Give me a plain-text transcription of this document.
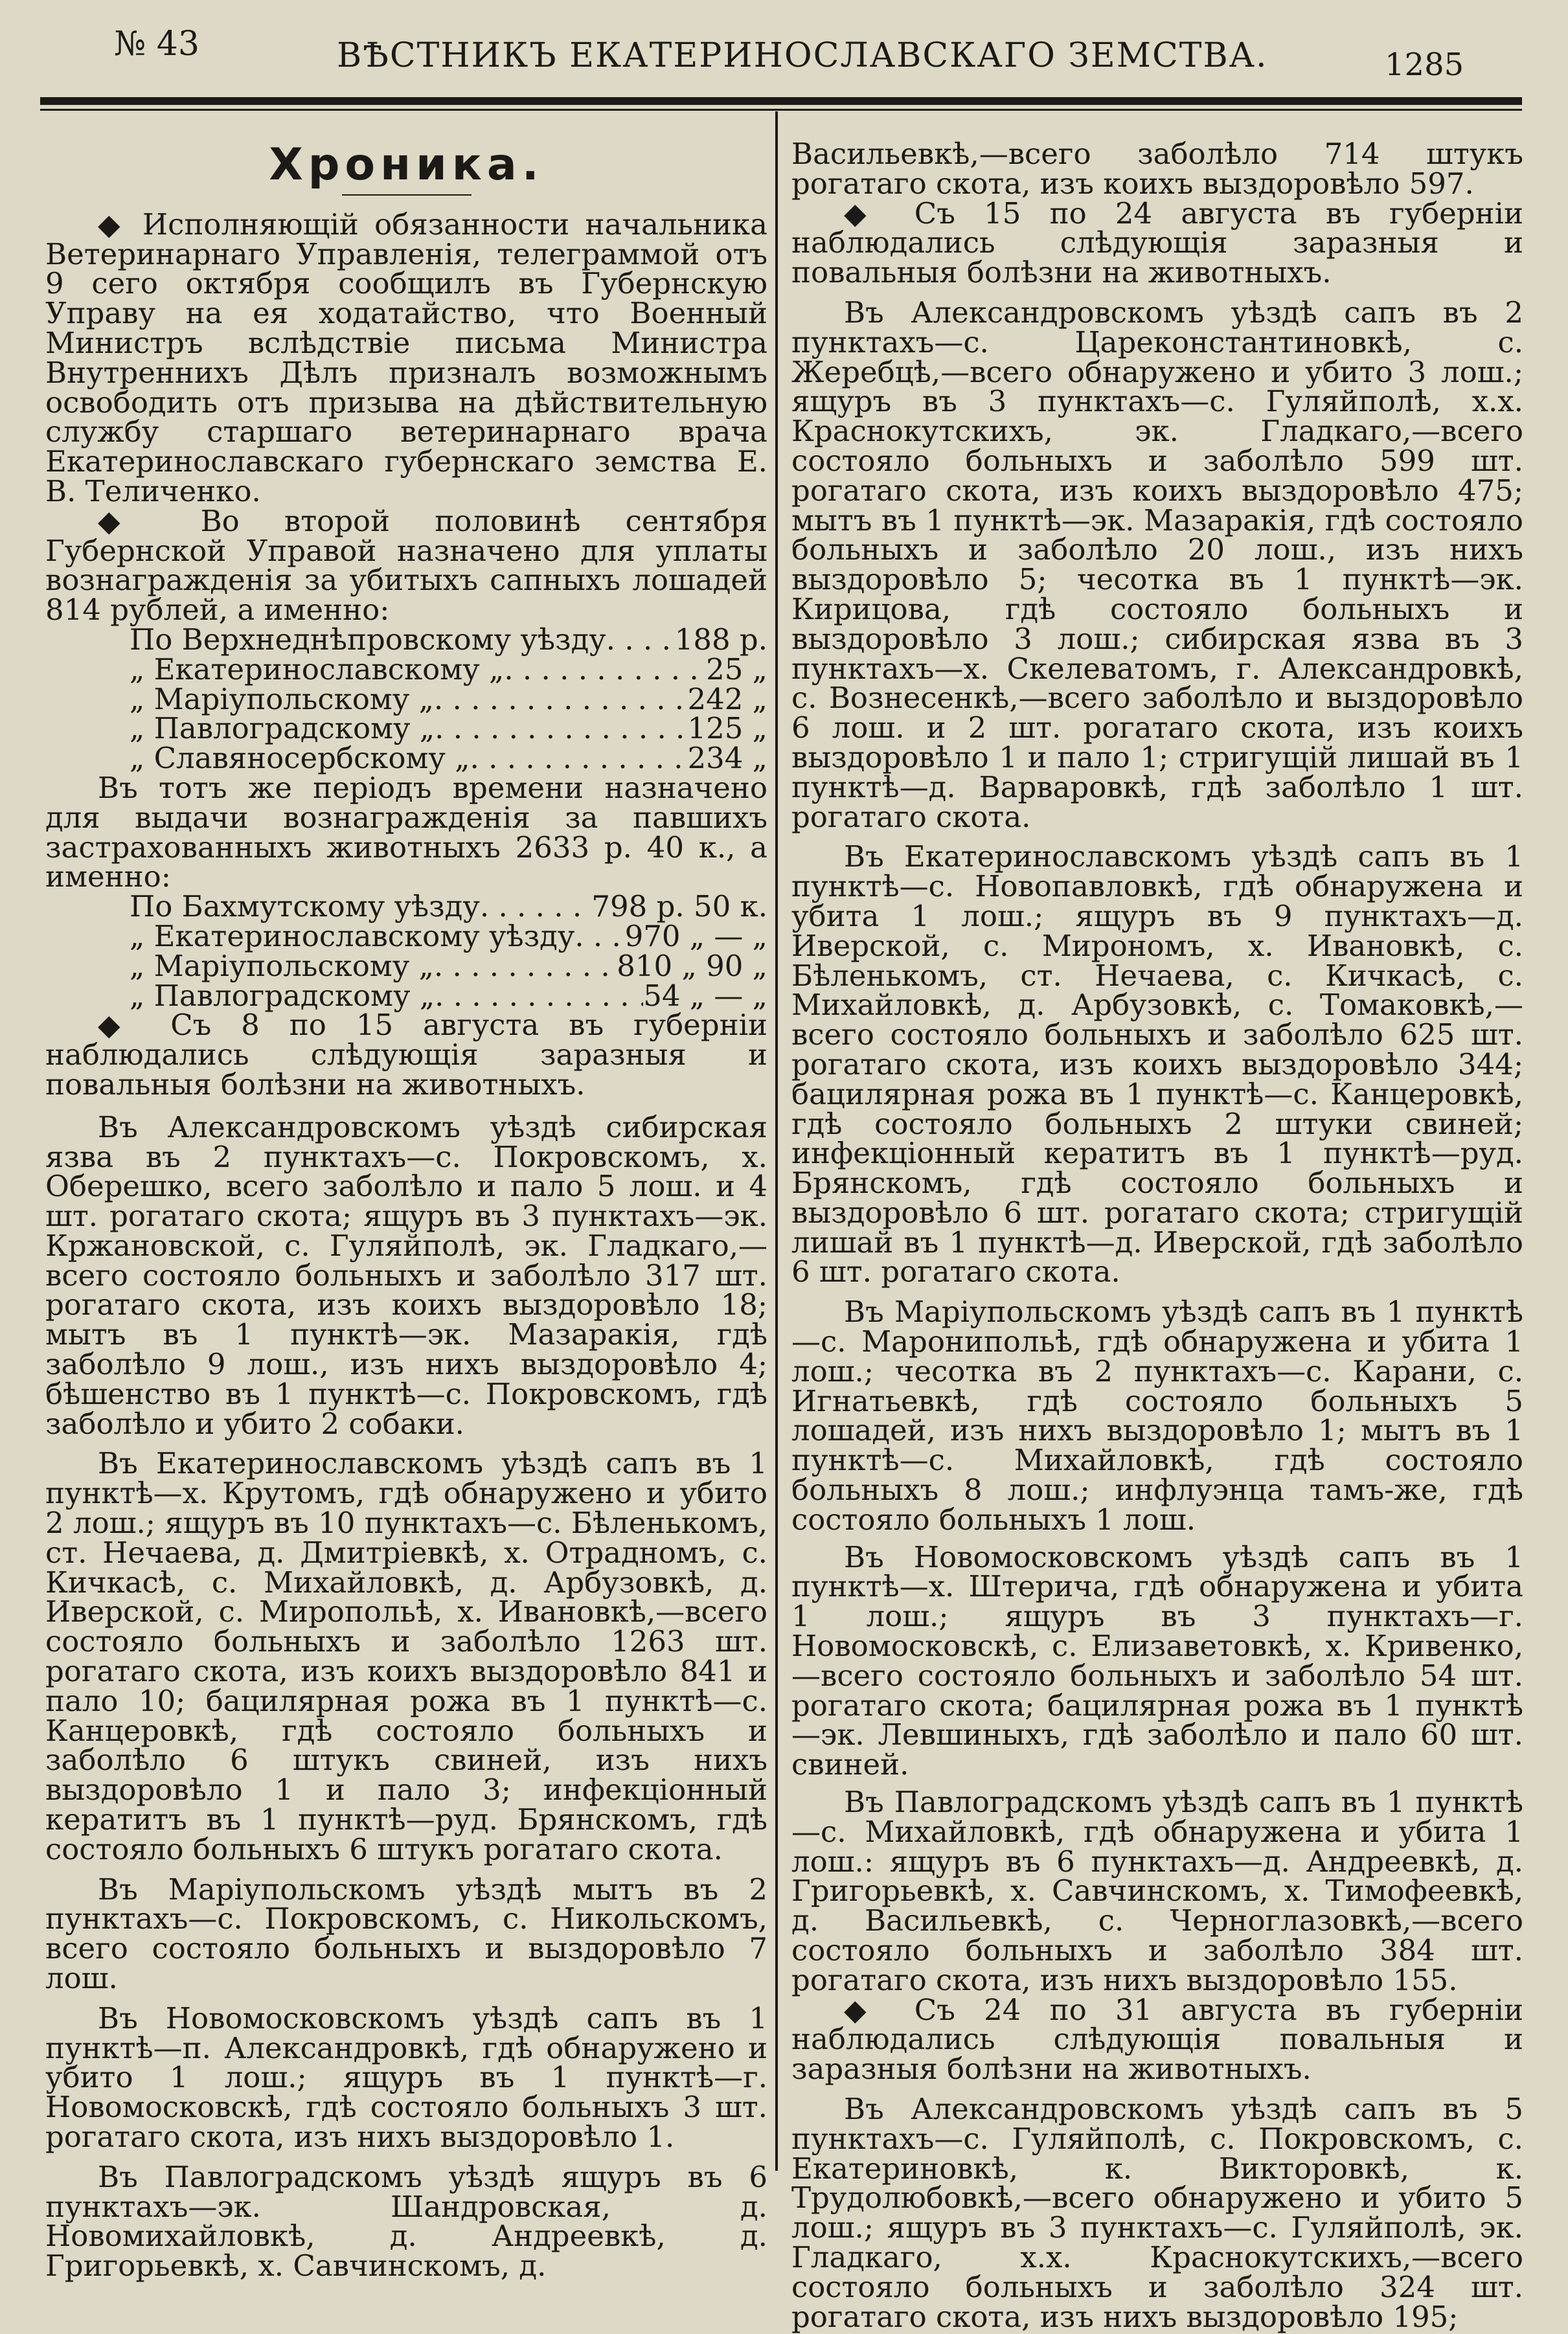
№ 43	ВѢСТНИКЪ ЕКАТЕРИНОСЛАВСКАГО ЗЕМСТВА.	1285
Хроника.

◆ Исполняющій обязанности начальника Ветеринарнаго Управленія, телеграммой отъ 9 сего октября сообщилъ въ Губернскую Управу на ея ходатайство, что Военный Министръ вслѣдствіе письма Министра Внутреннихъ Дѣлъ призналъ возможнымъ освободить отъ призыва на дѣйствительную службу старшаго ветеринарнаго врача Екатеринославскаго губернскаго земства Е. В. Теличенко.

◆ Во второй половинѣ сентября Губернской Управой назначено для уплаты вознагражденія за убитыхъ сапныхъ лошадей 814 рублей, а именно:

По Верхнеднѣпровскому уѣзду . . . 188 р.
„ Екатеринославскому „ . . .	25 „
„ Маріупольскому „ . . .	242 „
„ Павлоградскому „ . . .	125 „
„ Славяносербскому „ . . .	234 „

Въ тотъ же періодъ времени назначено для выдачи вознагражденія за павшихъ застрахованныхъ животныхъ 2633 р. 40 к., а именно:

По Бахмутскому уѣзду . . .	798 р. 50 к.
„ Екатеринославскому уѣзду . . . 970 „ — „
„ Маріупольскому „ . . .	810 „ 90 „
„ Павлоградскому „ . . .	54 „ — „

◆ Съ 8 по 15 августа въ губерніи наблюдались слѣдующія заразныя и повальныя болѣзни на животныхъ.

Въ Александровскомъ уѣздѣ сибирская язва въ 2 пунктахъ—с. Покровскомъ, х. Оберешко, всего заболѣло и пало 5 лош. и 4 шт. рогатаго скота; ящуръ въ 3 пунктахъ—эк. Кржановской, с. Гуляйполѣ, эк. Гладкаго,—всего состояло больныхъ и заболѣло 317 шт. рогатаго скота, изъ коихъ выздоровѣло 18; мытъ въ 1 пунктѣ—эк. Мазаракія, гдѣ заболѣло 9 лош., изъ нихъ выздоровѣло 4; бѣшенство въ 1 пунктѣ—с. Покровскомъ, гдѣ заболѣло и убито 2 собаки.

Въ Екатеринославскомъ уѣздѣ сапъ въ 1 пунктѣ—х. Крутомъ, гдѣ обнаружено и убито 2 лош.; ящуръ въ 10 пунктахъ—с. Бѣленькомъ, ст. Нечаева, д. Дмитріевкѣ, х. Отрадномъ, с. Кичкасѣ, с. Михайловкѣ, д. Арбузовкѣ, д. Иверской, с. Миропольѣ, х. Ивановкѣ,—всего состояло больныхъ и заболѣло 1263 шт. рогатаго скота, изъ коихъ выздоровѣло 841 и пало 10; бацилярная рожа въ 1 пунктѣ—с. Канцеровкѣ, гдѣ состояло больныхъ и заболѣло 6 штукъ свиней, изъ нихъ выздоровѣло 1 и пало 3; инфекціонный кератитъ въ 1 пунктѣ—руд. Брянскомъ, гдѣ состояло больныхъ 6 штукъ рогатаго скота.

Въ Маріупольскомъ уѣздѣ мытъ въ 2 пунктахъ—с. Покровскомъ, с. Никольскомъ, всего состояло больныхъ и выздоровѣло 7 лош.

Въ Новомосковскомъ уѣздѣ сапъ въ 1 пунктѣ—п. Александровкѣ, гдѣ обнаружено и убито 1 лош.; ящуръ въ 1 пунктѣ—г. Новомосковскѣ, гдѣ состояло больныхъ 3 шт. рогатаго скота, изъ нихъ выздоровѣло 1.

Въ Павлоградскомъ уѣздѣ ящуръ въ 6 пунктахъ—эк. Шандровская, д. Новомихайловкѣ, д. Андреевкѣ, д. Григорьевкѣ, х. Савчинскомъ, д.

Васильевкѣ,—всего заболѣло 714 штукъ рогатаго скота, изъ коихъ выздоровѣло 597.

◆ Съ 15 по 24 августа въ губерніи наблюдались слѣдующія заразныя и повальныя болѣзни на животныхъ.

Въ Александровскомъ уѣздѣ сапъ въ 2 пунктахъ—с. Цареконстантиновкѣ, с. Жеребцѣ,—всего обнаружено и убито 3 лош.; ящуръ въ 3 пунктахъ—с. Гуляйполѣ, х.х. Краснокутскихъ, эк. Гладкаго,—всего состояло больныхъ и заболѣло 599 шт. рогатаго скота, изъ коихъ выздоровѣло 475; мытъ въ 1 пунктѣ—эк. Мазаракія, гдѣ состояло больныхъ и заболѣло 20 лош., изъ нихъ выздоровѣло 5; чесотка въ 1 пунктѣ—эк. Кирицова, гдѣ состояло больныхъ и выздоровѣло 3 лош.; сибирская язва въ 3 пунктахъ—х. Скелеватомъ, г. Александровкѣ, с. Вознесенкѣ,—всего заболѣло и выздоровѣло 6 лош. и 2 шт. рогатаго скота, изъ коихъ выздоровѣло 1 и пало 1; стригущій лишай въ 1 пунктѣ—д. Варваровкѣ, гдѣ заболѣло 1 шт. рогатаго скота.

Въ Екатеринославскомъ уѣздѣ сапъ въ 1 пунктѣ—с. Новопавловкѣ, гдѣ обнаружена и убита 1 лош.; ящуръ въ 9 пунктахъ—д. Иверской, с. Мирономъ, х. Ивановкѣ, с. Бѣленькомъ, ст. Нечаева, с. Кичкасѣ, с. Михайловкѣ, д. Арбузовкѣ, с. Томаковкѣ,—всего состояло больныхъ и заболѣло 625 шт. рогатаго скота, изъ коихъ выздоровѣло 344; бацилярная рожа въ 1 пунктѣ—с. Канцеровкѣ, гдѣ состояло больныхъ 2 штуки свиней; инфекціонный кератитъ въ 1 пунктѣ—руд. Брянскомъ, гдѣ состояло больныхъ и выздоровѣло 6 шт. рогатаго скота; стригущій лишай въ 1 пунктѣ—д. Иверской, гдѣ заболѣло 6 шт. рогатаго скота.

Въ Маріупольскомъ уѣздѣ сапъ въ 1 пунктѣ—с. Маронипольѣ, гдѣ обнаружена и убита 1 лош.; чесотка въ 2 пунктахъ—с. Карани, с. Игнатьевкѣ, гдѣ состояло больныхъ 5 лошадей, изъ нихъ выздоровѣло 1; мытъ въ 1 пунктѣ—с. Михайловкѣ, гдѣ состояло больныхъ 8 лош.; инфлуэнца тамъ-же, гдѣ состояло больныхъ 1 лош.

Въ Новомосковскомъ уѣздѣ сапъ въ 1 пунктѣ—х. Штерича, гдѣ обнаружена и убита 1 лош.; ящуръ въ 3 пунктахъ—г. Новомосковскѣ, с. Елизаветовкѣ, х. Кривенко,—всего состояло больныхъ и заболѣло 54 шт. рогатаго скота; бацилярная рожа въ 1 пунктѣ—эк. Левшиныхъ, гдѣ заболѣло и пало 60 шт. свиней.

Въ Павлоградскомъ уѣздѣ сапъ въ 1 пунктѣ—с. Михайловкѣ, гдѣ обнаружена и убита 1 лош.: ящуръ въ 6 пунктахъ—д. Андреевкѣ, д. Григорьевкѣ, х. Савчинскомъ, х. Тимофеевкѣ, д. Васильевкѣ, с. Черноглазовкѣ,—всего состояло больныхъ и заболѣло 384 шт. рогатаго скота, изъ нихъ выздоровѣло 155.

◆ Съ 24 по 31 августа въ губерніи наблюдались слѣдующія повальныя и заразныя болѣзни на животныхъ.

Въ Александровскомъ уѣздѣ сапъ въ 5 пунктахъ—с. Гуляйполѣ, с. Покровскомъ, с. Екатериновкѣ, к. Викторовкѣ, к. Трудолюбовкѣ,—всего обнаружено и убито 5 лош.; ящуръ въ 3 пунктахъ—с. Гуляйполѣ, эк. Гладкаго, х.х. Краснокутскихъ,—всего состояло больныхъ и заболѣло 324 шт. рогатаго скота, изъ нихъ выздоровѣло 195;
